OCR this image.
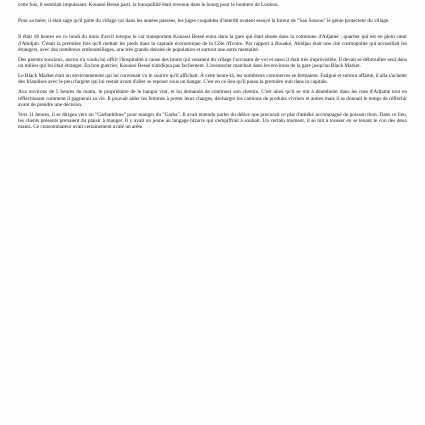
cette fois, il semblait impuissant. Kouassi Bessé parti, la tranquillité était revenue dans le bourg pour le bonheur de Loukou.

Pour sa mère, il était sage qu'il parte du village car dans les années passées, les juges coupables d'interdit avaient essuyé la fureur de "San Sussou" le génie protecteur du village.

Il était 18 heures en ce lundi du mois d'avril lorsque le car transportant Kouassi Bessé entra dans la gare qui était située dans la commune d'Adjamé ; quartier qui est en plein cœur d'Abidjan. C'était la première fois qu'il mettait les pieds dans la capitale économique de la Côte d'Ivoire. Par rapport à Bouaké, Abidjan était une cité cosmopolite qui accueillait les étrangers, avec des nombreux embouteillages, une très grande densité de population et surtout une autre mentalité.

Des parents soucieux, aucun n'a voulu lui offrir l'hospitalité à cause des bruits qui venaient du village l'accusant de vol et aussi il était très imprévisible. Il devait se débrouiller seul dans un milieu qui lui était étranger. En bon guerrier, Kouassi Bessé n'abdiqua pas facilement. L'aventurier marchait dans les environs de la gare jusqu'au Black Market.

Le Black Market était un environnement qui lui convenait vu le sourire qu'il affichait. À cette heure-là, les nombreux commerces se fermaient. Fatigué et surtout affamé, il alla s'acheter des friandises avec le peu d'argent qui lui restait avant d'aller se reposer sous un hangar. C'est en ce lieu qu'il passa la première nuit dans la capitale.

Aux environs de 5 heures du matin, le propriétaire de le hangar vint, et lui demanda de continuer son chemin. C'est ainsi qu'il se mit à déambuler dans les rues d'Adjamé tout en réfléchissant comment il gagnerait sa vie. Il pouvait aider les femmes à porter leurs charges, décharger les camions de produits vivriers et autres mais il se donnait le temps de réfléchir avant de prendre une décision.

Vers 11 heures, il se dirigea vers un "Garbadrôme" pour manger du "Garba". Il avait entendu parler du délice que procurait ce plat d'attiéké accompagné de poisson thon. Dans ce lieu, les clients présents prenaient du plaisir à manger. Il y avait un jeune au langage bizarre qui s'empiffrait à souhait. Un certain moment, il se mit à tousser en se tenant le cou des deux mains. Ce consommateur avait certainement avalé un arête.
